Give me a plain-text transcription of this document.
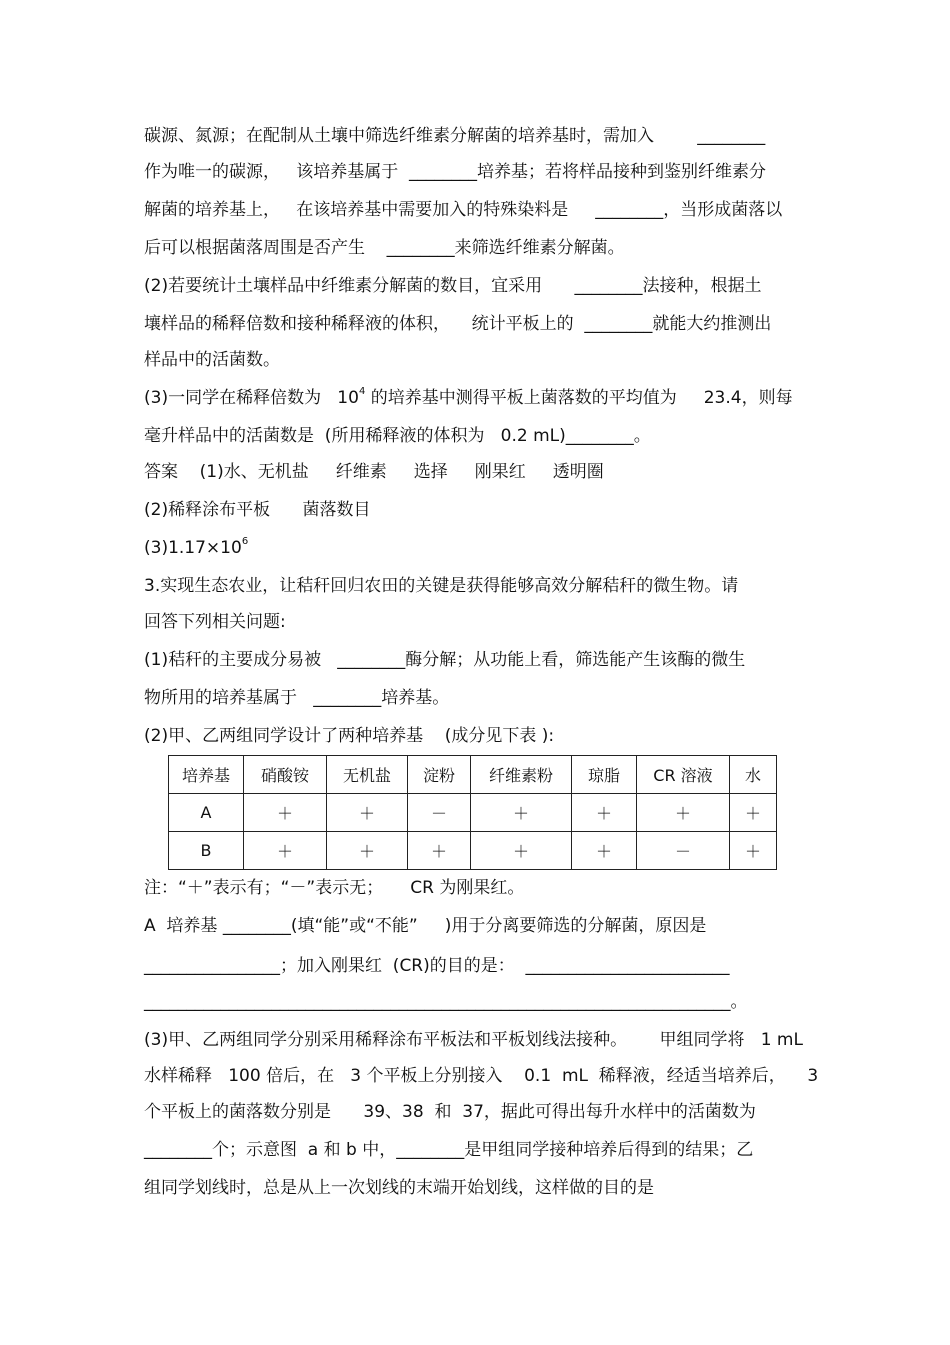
碳源、氮源；在配制从土壤中筛选纤维素分解菌的培养基时，需加入        ________
作为唯一的碳源，   该培养基属于  ________培养基；若将样品接种到鉴别纤维素分
解菌的培养基上，   在该培养基中需要加入的特殊染料是     ________，当形成菌落以
后可以根据菌落周围是否产生    ________来筛选纤维素分解菌。
(2)若要统计土壤样品中纤维素分解菌的数目，宜采用      ________法接种，根据土
壤样品的稀释倍数和接种稀释液的体积，    统计平板上的  ________就能大约推测出
样品中的活菌数。
(3)一同学在稀释倍数为   $10^4$ 的培养基中测得平板上菌落数的平均值为     23.4，则每
毫升样品中的活菌数是  (所用稀释液的体积为   0.2 mL)________。
答案    (1)水、无机盐     纤维素     选择     刚果红     透明圈
(2)稀释涂布平板      菌落数目
$(3)1.17\times 10^6$
3.实现生态农业，让秸秆回归农田的关键是获得能够高效分解秸秆的微生物。请
回答下列相关问题:
(1)秸秆的主要成分易被   ________酶分解；从功能上看，筛选能产生该酶的微生
物所用的培养基属于   ________培养基。
(2)甲、乙两组同学设计了两种培养基    (成分见下表 ):
培养基	硝酸铵	无机盐	淀粉	纤维素粉	琼脂	CR 溶液	水
A	＋	＋	－	＋	＋	＋	＋
B	＋	＋	＋	＋	＋	－	＋
注：“＋”表示有；“－”表示无；     CR 为刚果红。
A  培养基 ________(填“能”或“不能”     )用于分离要筛选的分解菌，原因是
________________；加入刚果红  (CR)的目的是：  ________________________
_____________________________________________________________________。
(3)甲、乙两组同学分别采用稀释涂布平板法和平板划线法接种。      甲组同学将   1 mL
水样稀释   100 倍后，在   3 个平板上分别接入    0.1  mL  稀释液，经适当培养后，    3
个平板上的菌落数分别是      39、38  和  37，据此可得出每升水样中的活菌数为
________个；示意图  a 和 b 中，________是甲组同学接种培养后得到的结果；乙
组同学划线时，总是从上一次划线的末端开始划线，这样做的目的是
